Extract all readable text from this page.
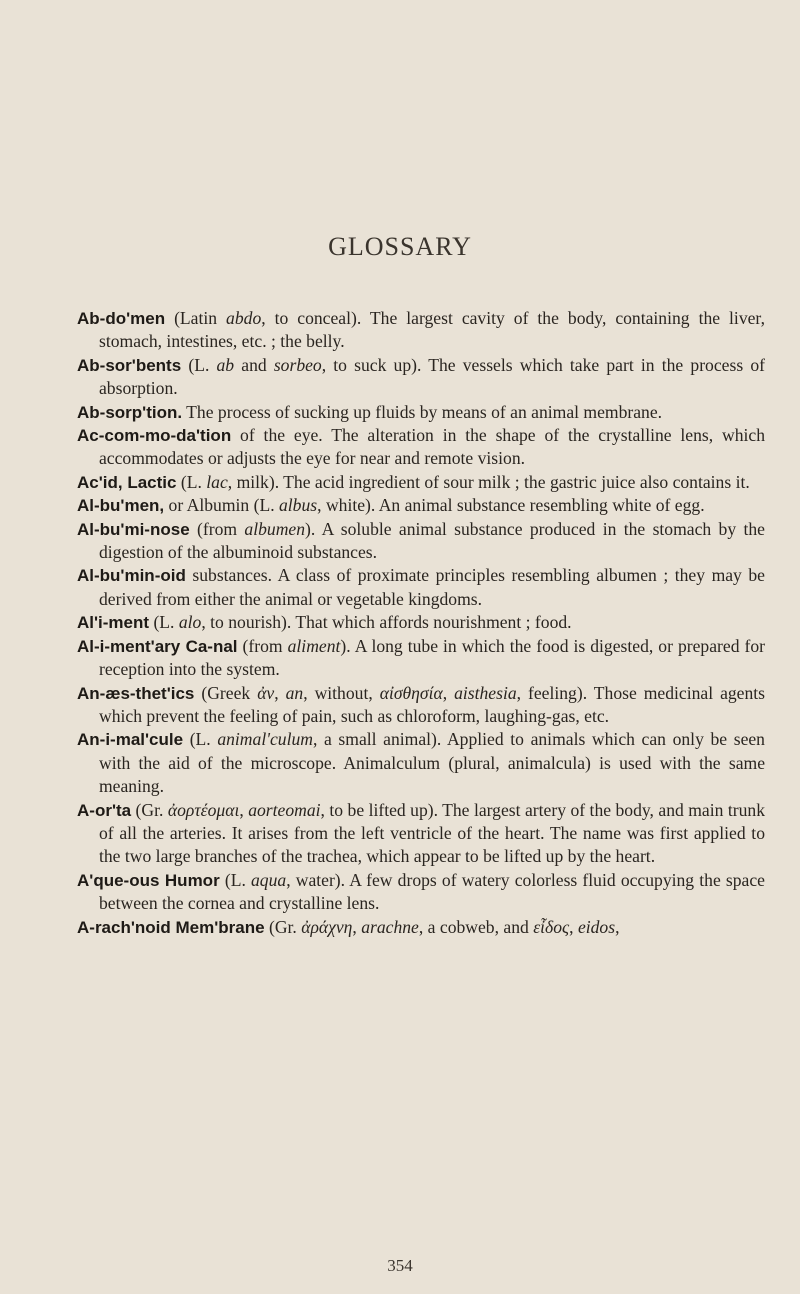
GLOSSARY

Ab-do'men (Latin abdo, to conceal). The largest cavity of the body, containing the liver, stomach, intestines, etc. ; the belly.

Ab-sor'bents (L. ab and sorbeo, to suck up). The vessels which take part in the process of absorption.

Ab-sorp'tion. The process of sucking up fluids by means of an animal membrane.

Ac-com-mo-da'tion of the eye. The alteration in the shape of the crystalline lens, which accommodates or adjusts the eye for near and remote vision.

Ac'id, Lactic (L. lac, milk). The acid ingredient of sour milk ; the gastric juice also contains it.

Al-bu'men, or Albumin (L. albus, white). An animal substance resembling white of egg.

Al-bu'mi-nose (from albumen). A soluble animal substance produced in the stomach by the digestion of the albuminoid substances.

Al-bu'min-oid substances. A class of proximate principles resembling albumen ; they may be derived from either the animal or vegetable kingdoms.

Al'i-ment (L. alo, to nourish). That which affords nourishment ; food.

Al-i-ment'ary Ca-nal (from aliment). A long tube in which the food is digested, or prepared for reception into the system.

An-æs-thet'ics (Greek ἀν, an, without, αἰσθησία, aisthesia, feeling). Those medicinal agents which prevent the feeling of pain, such as chloroform, laughing-gas, etc.

An-i-mal'cule (L. animal'culum, a small animal). Applied to animals which can only be seen with the aid of the microscope. Animalculum (plural, animalcula) is used with the same meaning.

A-or'ta (Gr. ἀορτέομαι, aorteomai, to be lifted up). The largest artery of the body, and main trunk of all the arteries. It arises from the left ventricle of the heart. The name was first applied to the two large branches of the trachea, which appear to be lifted up by the heart.

A'que-ous Humor (L. aqua, water). A few drops of watery colorless fluid occupying the space between the cornea and crystalline lens.

A-rach'noid Mem'brane (Gr. ἀράχνη, arachne, a cobweb, and εἶδος, eidos,

354
